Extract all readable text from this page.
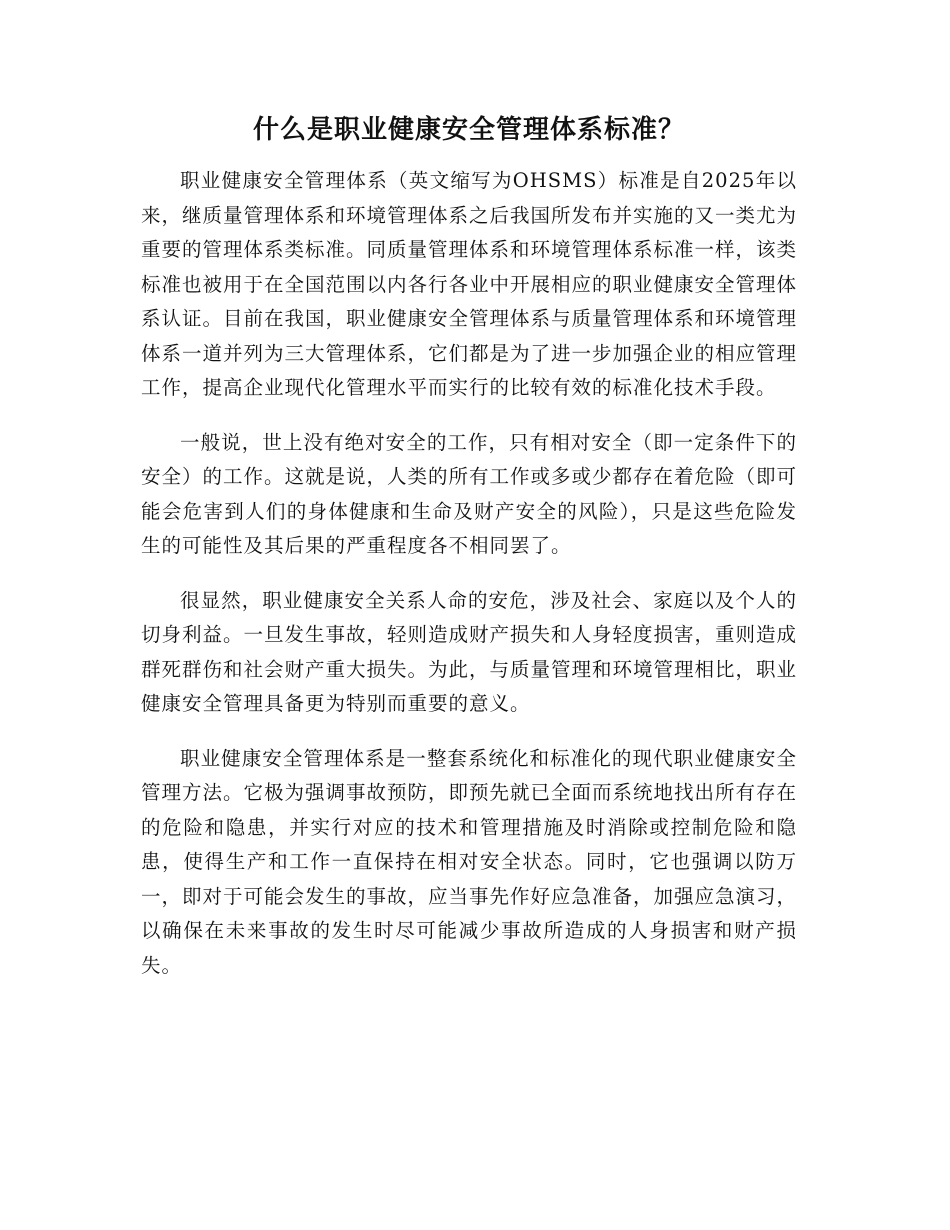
什么是职业健康安全管理体系标准？

职业健康安全管理体系（英文缩写为OHSMS）标准是自2025年以来，继质量管理体系和环境管理体系之后我国所发布并实施的又一类尤为重要的管理体系类标准。同质量管理体系和环境管理体系标准一样，该类标准也被用于在全国范围以内各行各业中开展相应的职业健康安全管理体系认证。目前在我国，职业健康安全管理体系与质量管理体系和环境管理体系一道并列为三大管理体系，它们都是为了进一步加强企业的相应管理工作，提高企业现代化管理水平而实行的比较有效的标准化技术手段。

一般说，世上没有绝对安全的工作，只有相对安全（即一定条件下的安全）的工作。这就是说，人类的所有工作或多或少都存在着危险（即可能会危害到人们的身体健康和生命及财产安全的风险），只是这些危险发生的可能性及其后果的严重程度各不相同罢了。

很显然，职业健康安全关系人命的安危，涉及社会、家庭以及个人的切身利益。一旦发生事故，轻则造成财产损失和人身轻度损害，重则造成群死群伤和社会财产重大损失。为此，与质量管理和环境管理相比，职业健康安全管理具备更为特别而重要的意义。

职业健康安全管理体系是一整套系统化和标准化的现代职业健康安全管理方法。它极为强调事故预防，即预先就已全面而系统地找出所有存在的危险和隐患，并实行对应的技术和管理措施及时消除或控制危险和隐患，使得生产和工作一直保持在相对安全状态。同时，它也强调以防万一，即对于可能会发生的事故，应当事先作好应急准备，加强应急演习，以确保在未来事故的发生时尽可能减少事故所造成的人身损害和财产损失。
